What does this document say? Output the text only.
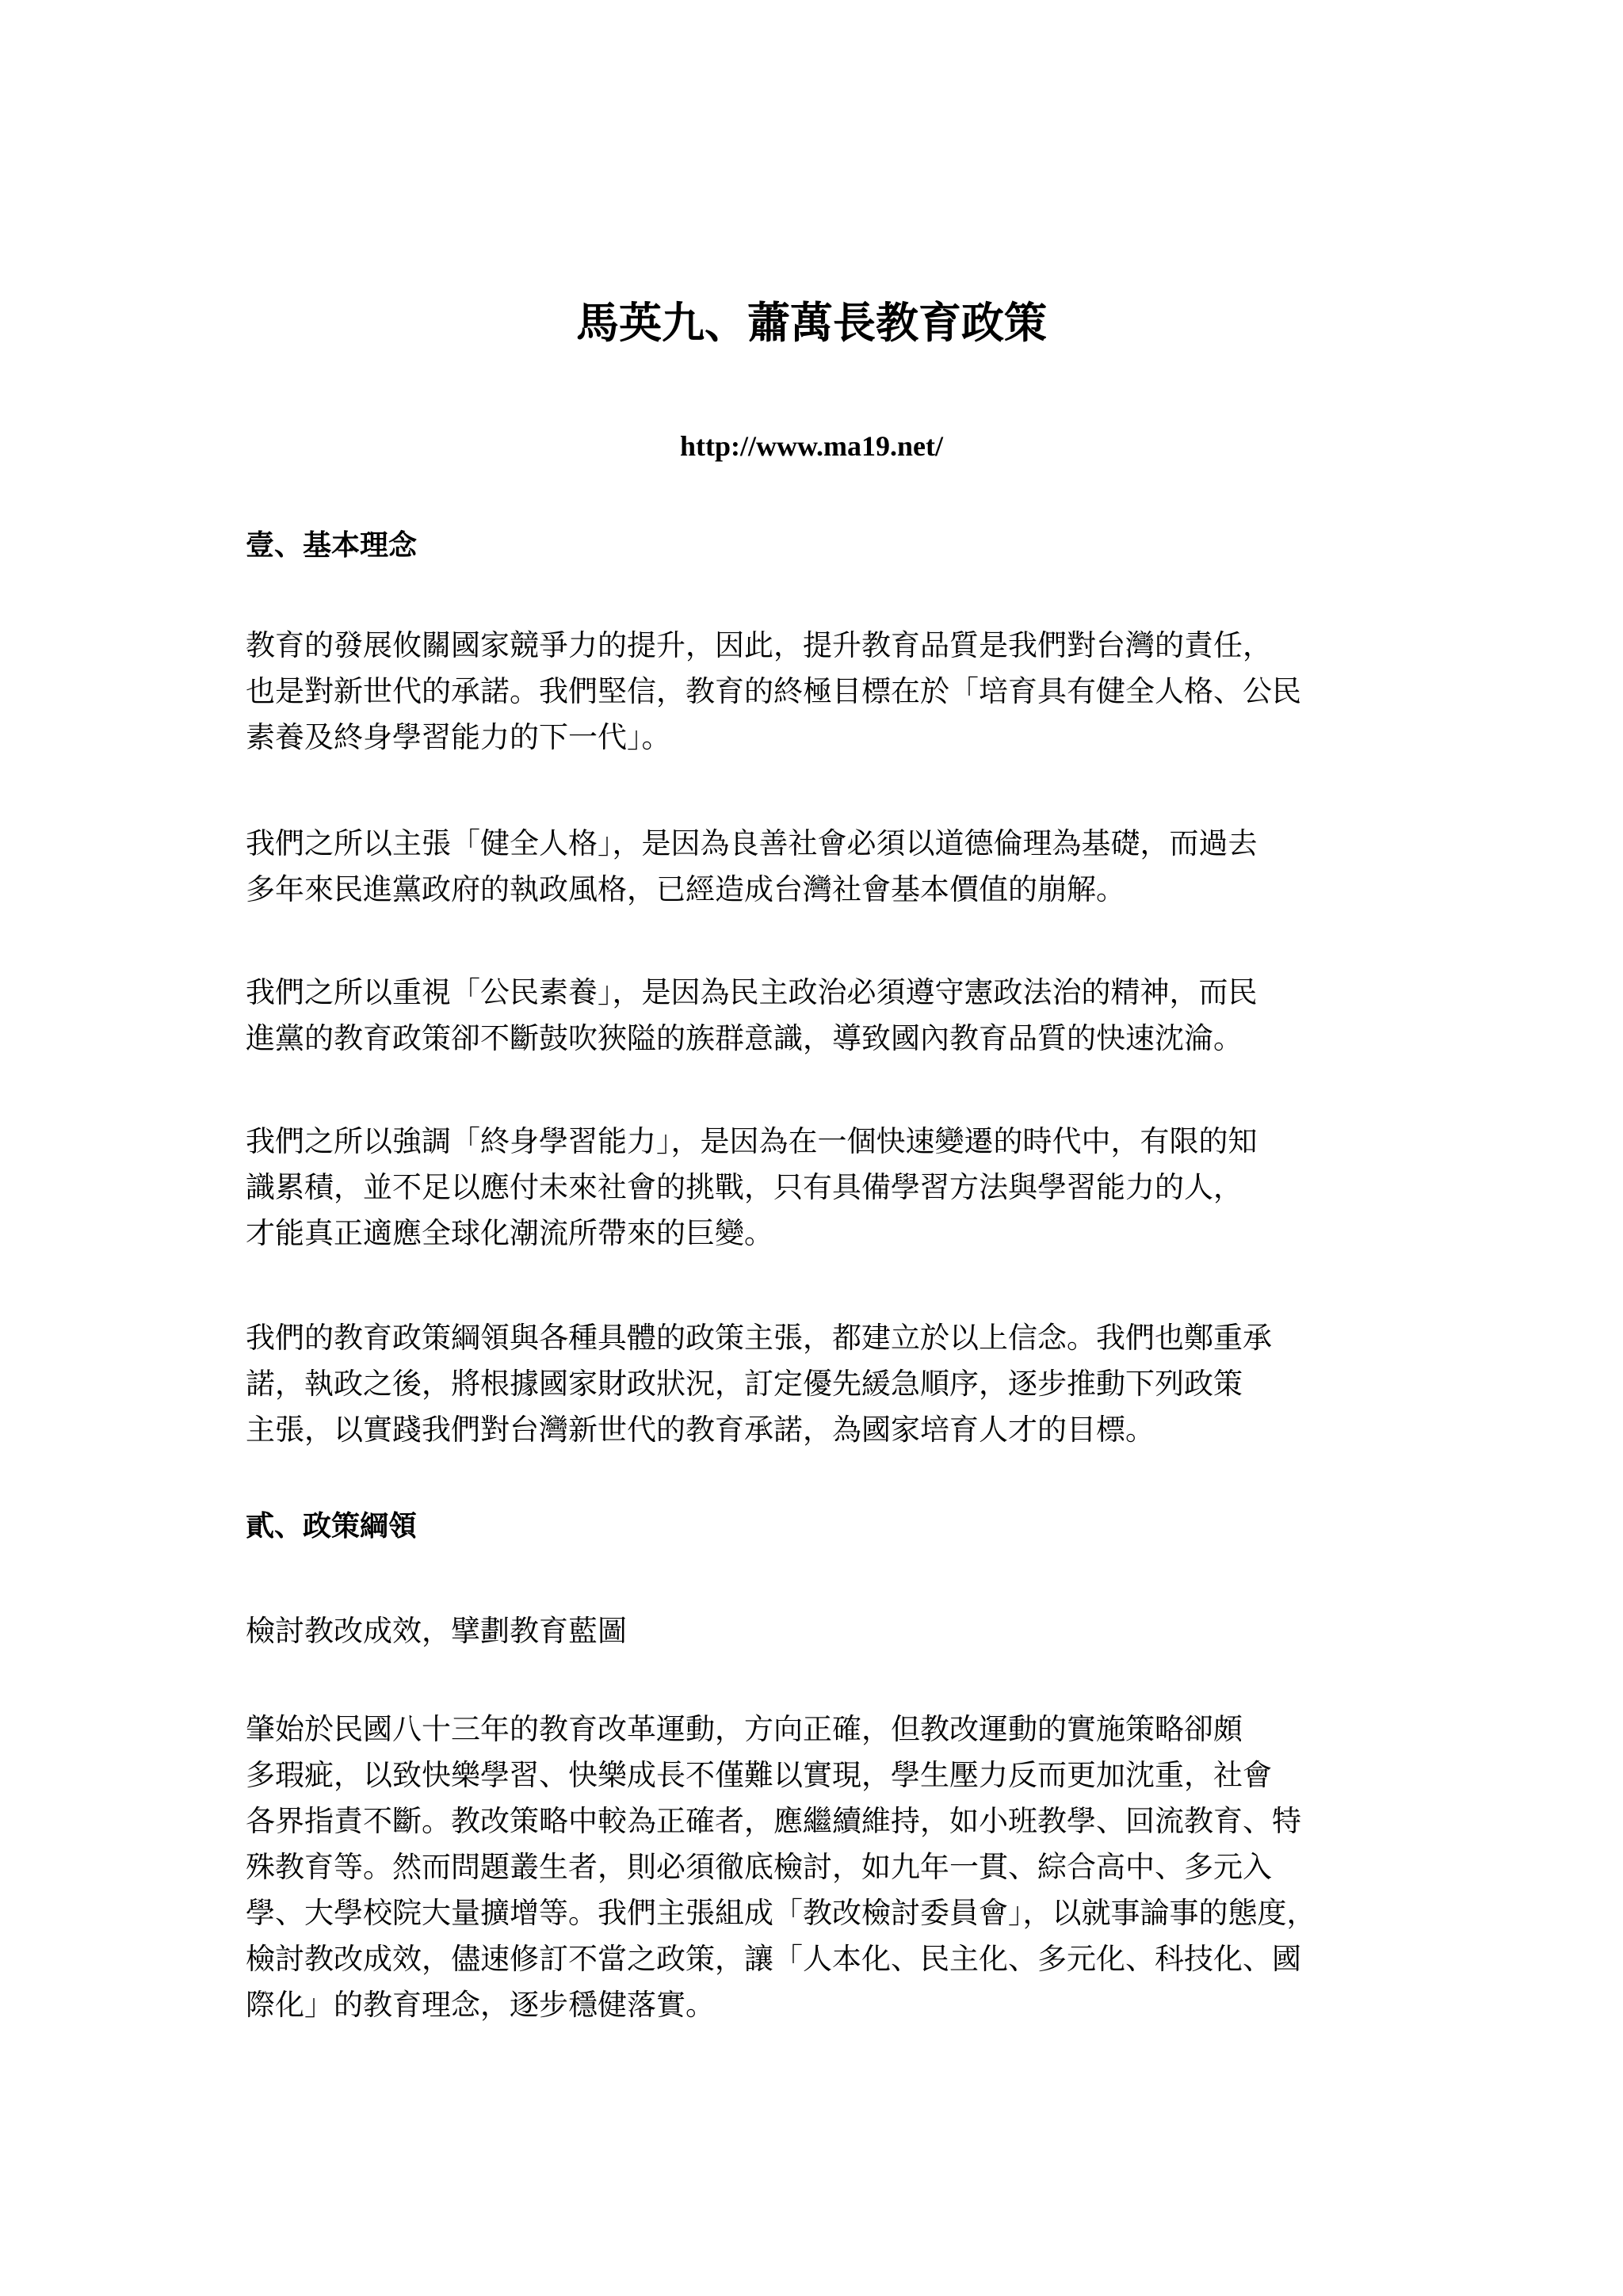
馬英九、蕭萬長教育政策
http://www.ma19.net/
壹、基本理念
教育的發展攸關國家競爭力的提升，因此，提升教育品質是我們對台灣的責任，
也是對新世代的承諾。我們堅信，教育的終極目標在於「培育具有健全人格、公民
素養及終身學習能力的下一代」。
我們之所以主張「健全人格」，是因為良善社會必須以道德倫理為基礎，而過去
多年來民進黨政府的執政風格，已經造成台灣社會基本價值的崩解。
我們之所以重視「公民素養」，是因為民主政治必須遵守憲政法治的精神，而民
進黨的教育政策卻不斷鼓吹狹隘的族群意識，導致國內教育品質的快速沈淪。
我們之所以強調「終身學習能力」，是因為在一個快速變遷的時代中，有限的知
識累積，並不足以應付未來社會的挑戰，只有具備學習方法與學習能力的人，
才能真正適應全球化潮流所帶來的巨變。
我們的教育政策綱領與各種具體的政策主張，都建立於以上信念。我們也鄭重承
諾，執政之後，將根據國家財政狀況，訂定優先緩急順序，逐步推動下列政策
主張，以實踐我們對台灣新世代的教育承諾，為國家培育人才的目標。
貳、政策綱領
檢討教改成效，擘劃教育藍圖
肇始於民國八十三年的教育改革運動，方向正確，但教改運動的實施策略卻頗
多瑕疵，以致快樂學習、快樂成長不僅難以實現，學生壓力反而更加沈重，社會
各界指責不斷。教改策略中較為正確者，應繼續維持，如小班教學、回流教育、特
殊教育等。然而問題叢生者，則必須徹底檢討，如九年一貫、綜合高中、多元入
學、大學校院大量擴增等。我們主張組成「教改檢討委員會」，以就事論事的態度，
檢討教改成效，儘速修訂不當之政策，讓「人本化、民主化、多元化、科技化、國
際化」的教育理念，逐步穩健落實。
